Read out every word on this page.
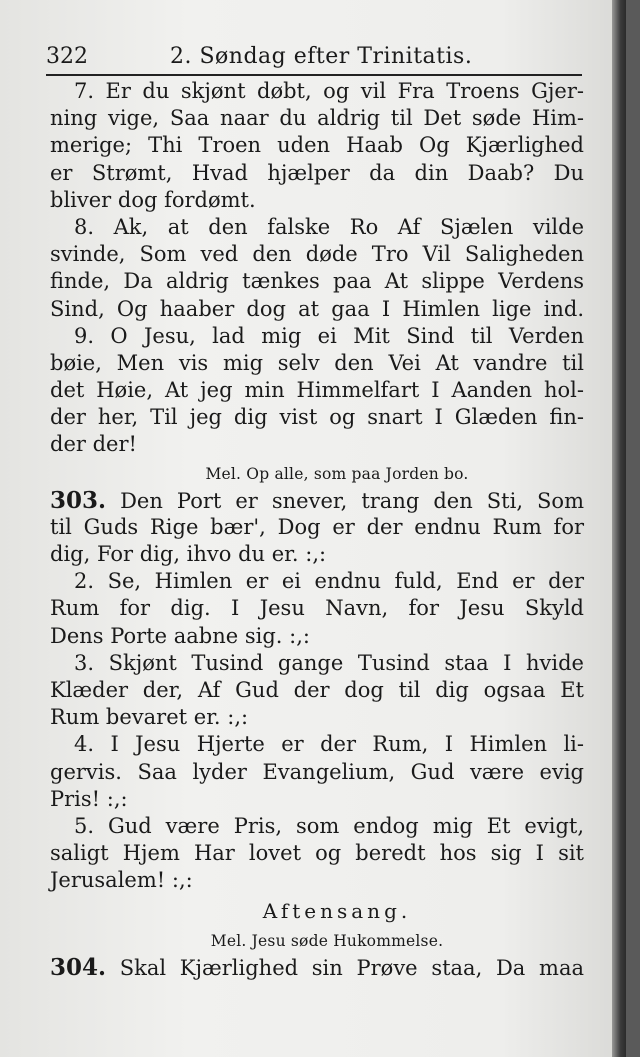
322	2. Søndag efter Trinitatis.
7. Er du skjønt døbt, og vil Fra Troens Gjer-
ning vige, Saa naar du aldrig til Det søde Him-
merige; Thi Troen uden Haab Og Kjærlighed
er Strømt, Hvad hjælper da din Daab? Du
bliver dog fordømt.
8. Ak, at den falske Ro Af Sjælen vilde
svinde, Som ved den døde Tro Vil Saligheden
finde, Da aldrig tænkes paa At slippe Verdens
Sind, Og haaber dog at gaa I Himlen lige ind.
9. O Jesu, lad mig ei Mit Sind til Verden
bøie, Men vis mig selv den Vei At vandre til
det Høie, At jeg min Himmelfart I Aanden hol-
der her, Til jeg dig vist og snart I Glæden fin-
der der!
Mel. Op alle, som paa Jorden bo.
303. Den Port er snever, trang den Sti, Som
til Guds Rige bær', Dog er der endnu Rum for
dig, For dig, ihvo du er. :,:
2. Se, Himlen er ei endnu fuld, End er der
Rum for dig. I Jesu Navn, for Jesu Skyld
Dens Porte aabne sig. :,:
3. Skjønt Tusind gange Tusind staa I hvide
Klæder der, Af Gud der dog til dig ogsaa Et
Rum bevaret er. :,:
4. I Jesu Hjerte er der Rum, I Himlen li-
gervis. Saa lyder Evangelium, Gud være evig
Pris! :,:
5. Gud være Pris, som endog mig Et evigt,
saligt Hjem Har lovet og beredt hos sig I sit
Jerusalem! :,:
Aftensang.
Mel. Jesu søde Hukommelse.
304. Skal Kjærlighed sin Prøve staa, Da maa
